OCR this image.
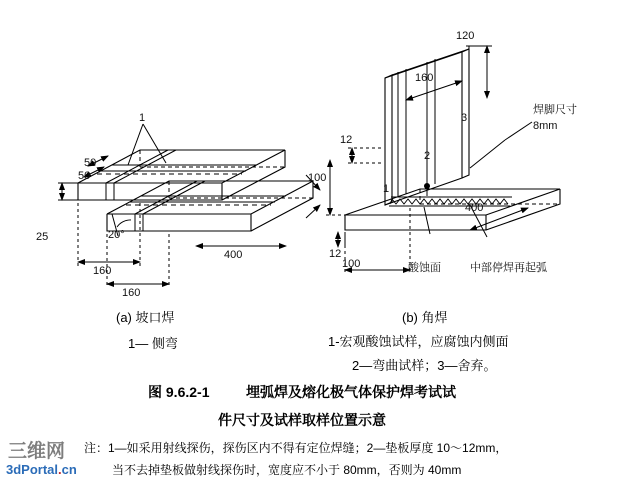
1
50
50
25	20°
160
160
400
(a) 坡口焊
1— 侧弯
120
160
12
12
100
100
400
1
2
3
焊脚尺寸
8mm
酸蚀面	中部停焊再起弧
(b) 角焊
1-宏观酸蚀试样，应腐蚀内侧面
2—弯曲试样；3—舍弃。
图 9.6.2-1	埋弧焊及熔化极气体保护焊考试试
件尺寸及试样取样位置示意
注：1—如采用射线探伤，探伤区内不得有定位焊缝；2—垫板厚度 10～12mm，
当不去掉垫板做射线探伤时，宽度应不小于 80mm，否则为 40mm
三维网
3dPortal.cn
